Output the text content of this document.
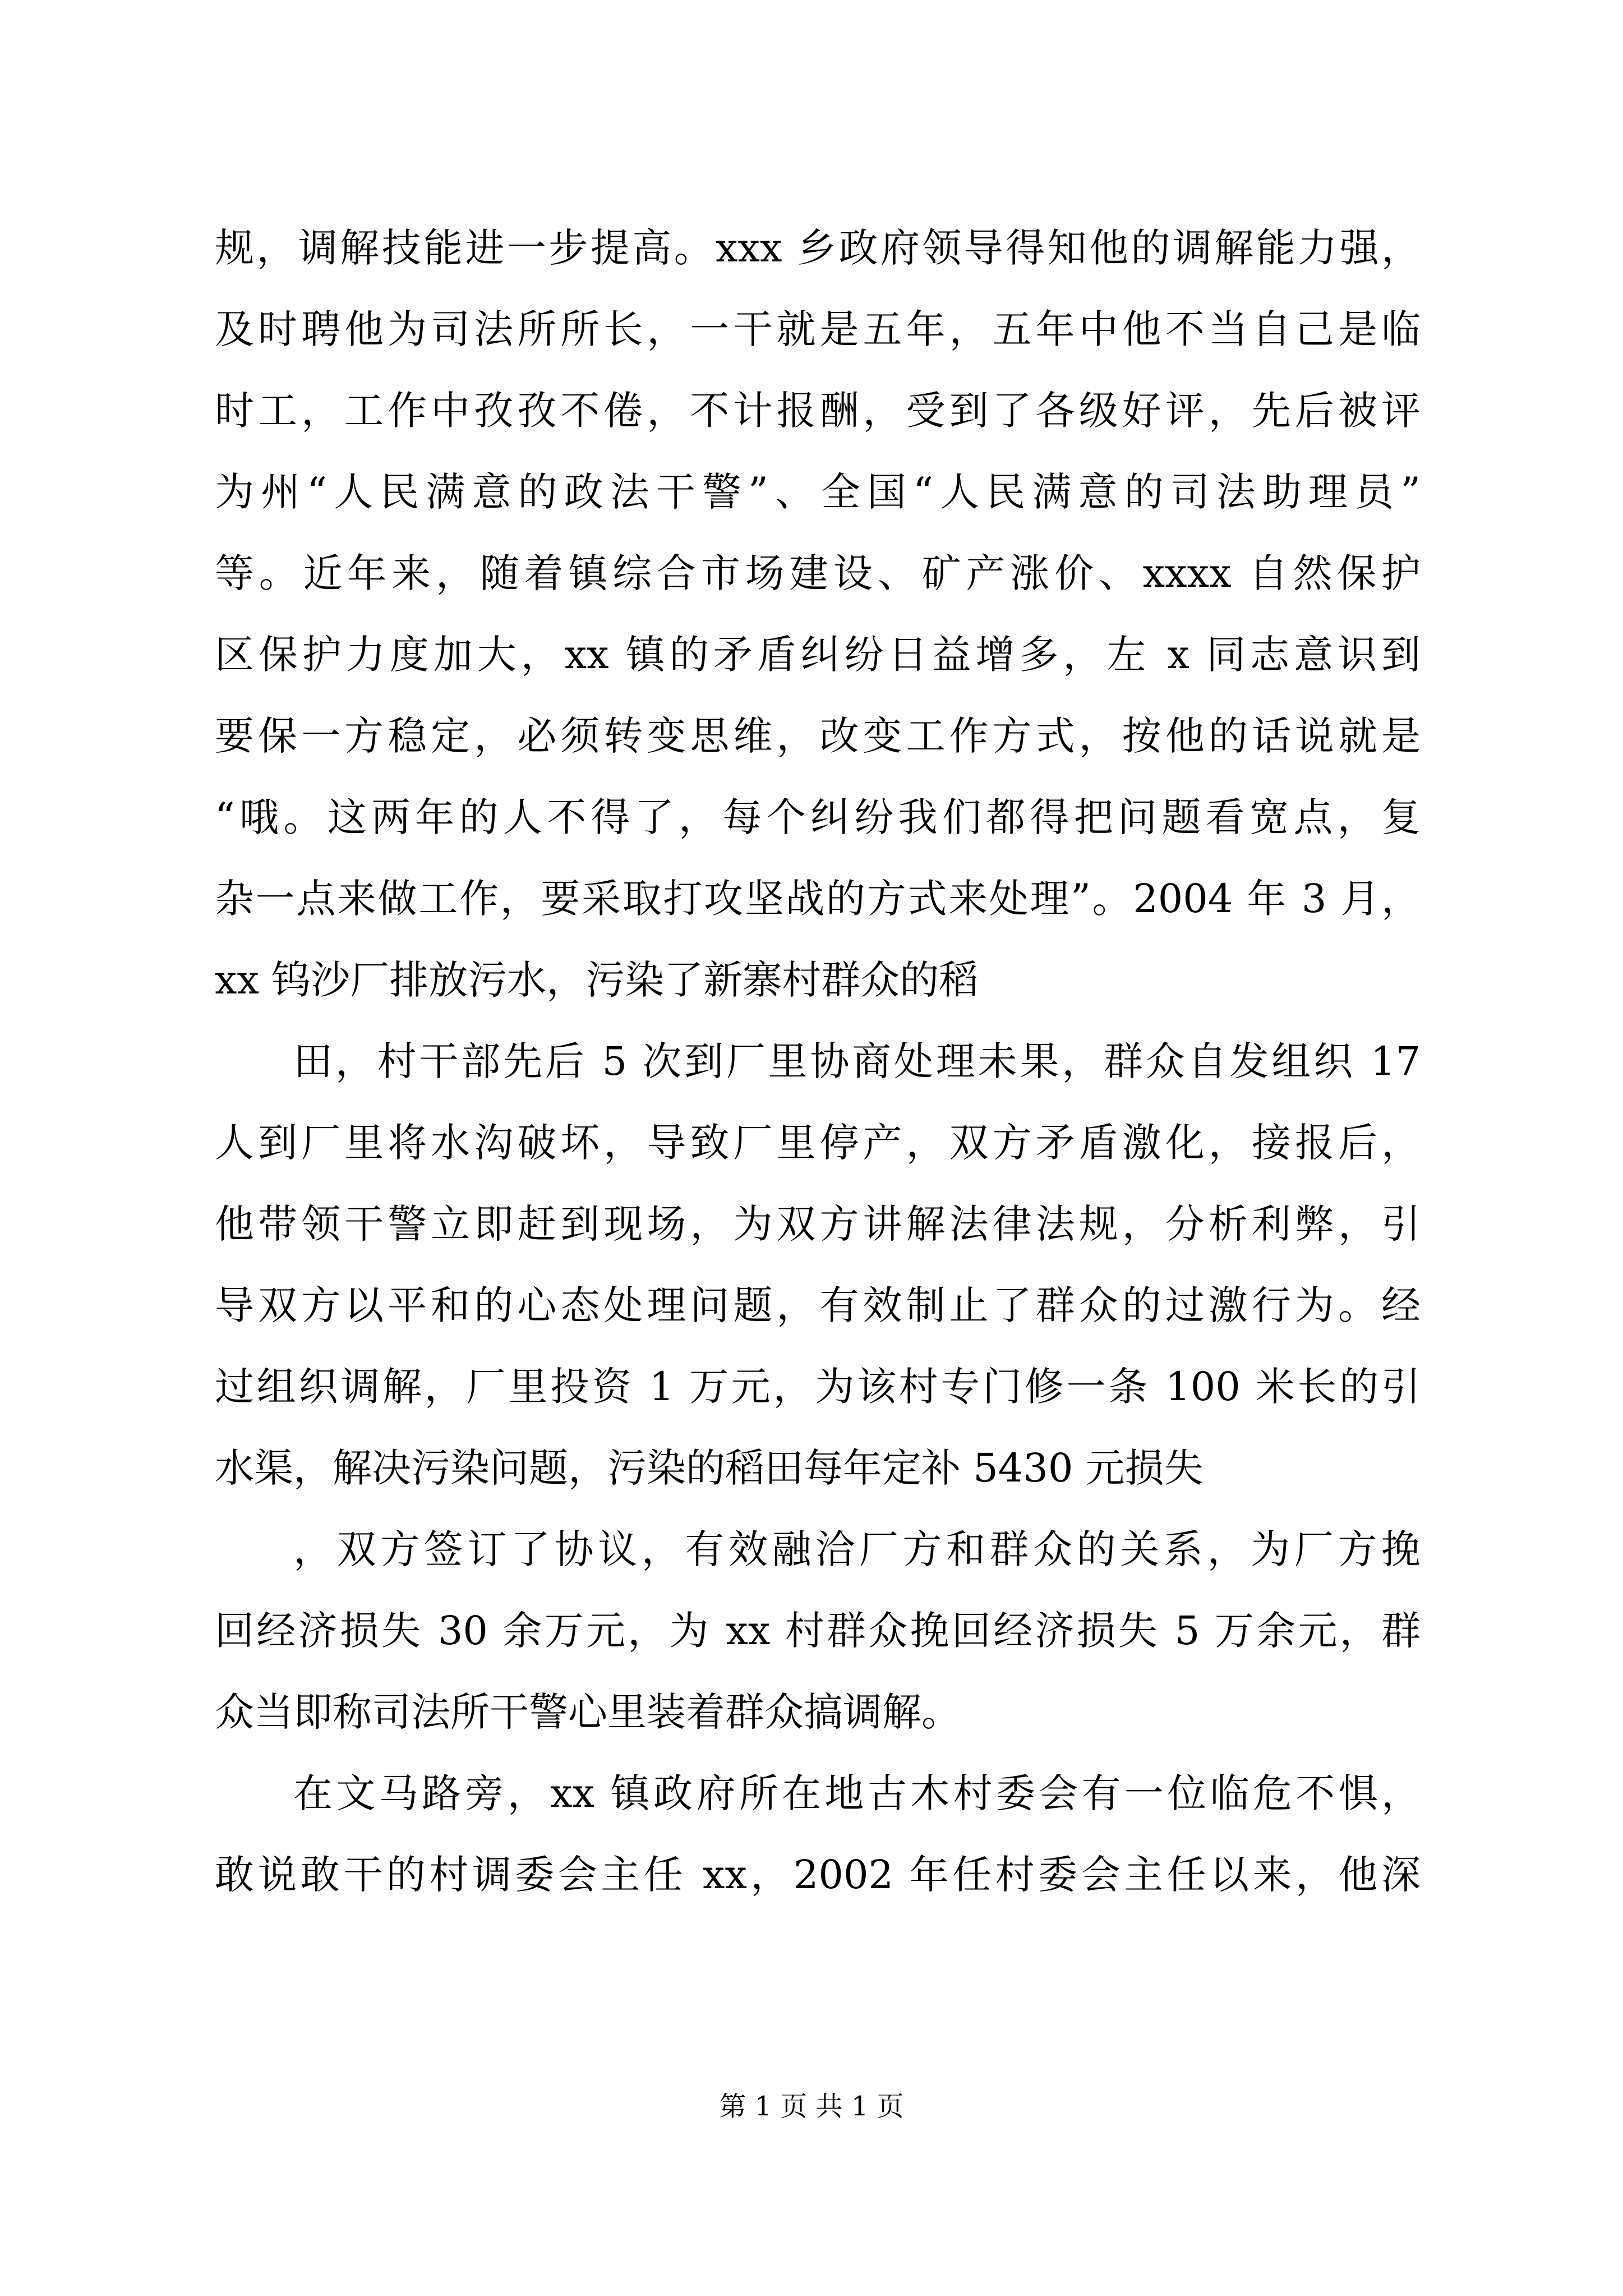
规，调解技能进一步提高。xxx 乡政府领导得知他的调解能力强，
及时聘他为司法所所长，一干就是五年，五年中他不当自己是临
时工，工作中孜孜不倦，不计报酬，受到了各级好评，先后被评
为州“人民满意的政法干警”、全国“人民满意的司法助理员”
等。近年来，随着镇综合市场建设、矿产涨价、xxxx 自然保护
区保护力度加大，xx 镇的矛盾纠纷日益增多，左 x 同志意识到
要保一方稳定，必须转变思维，改变工作方式，按他的话说就是
“哦。这两年的人不得了，每个纠纷我们都得把问题看宽点，复
杂一点来做工作，要采取打攻坚战的方式来处理”。2004 年 3 月，
xx 钨沙厂排放污水，污染了新寨村群众的稻
田，村干部先后 5 次到厂里协商处理未果，群众自发组织 17
人到厂里将水沟破坏，导致厂里停产，双方矛盾激化，接报后，
他带领干警立即赶到现场，为双方讲解法律法规，分析利弊，引
导双方以平和的心态处理问题，有效制止了群众的过激行为。经
过组织调解，厂里投资 1 万元，为该村专门修一条 100 米长的引
水渠，解决污染问题，污染的稻田每年定补 5430 元损失
，双方签订了协议，有效融洽厂方和群众的关系，为厂方挽
回经济损失 30 余万元，为 xx 村群众挽回经济损失 5 万余元，群
众当即称司法所干警心里装着群众搞调解。
在文马路旁，xx 镇政府所在地古木村委会有一位临危不惧，
敢说敢干的村调委会主任 xx，2002 年任村委会主任以来，他深
第 1 页 共 1 页
